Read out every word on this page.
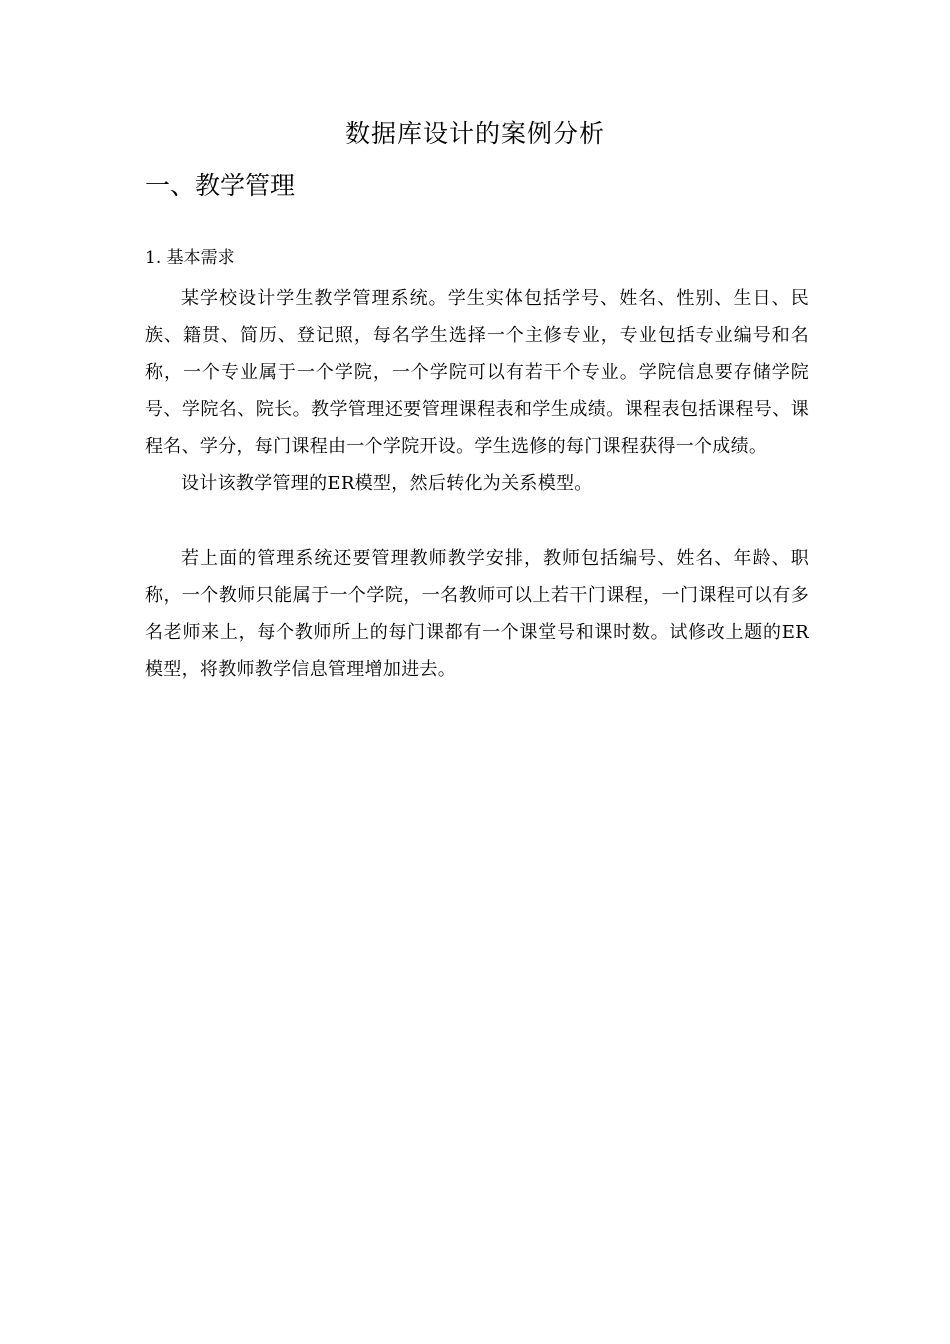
数据库设计的案例分析
一、教学管理
1. 基本需求

某学校设计学生教学管理系统。学生实体包括学号、姓名、性别、生日、民族、籍贯、简历、登记照，每名学生选择一个主修专业，专业包括专业编号和名称，一个专业属于一个学院，一个学院可以有若干个专业。学院信息要存储学院号、学院名、院长。教学管理还要管理课程表和学生成绩。课程表包括课程号、课程名、学分，每门课程由一个学院开设。学生选修的每门课程获得一个成绩。

设计该教学管理的ER模型，然后转化为关系模型。

若上面的管理系统还要管理教师教学安排，教师包括编号、姓名、年龄、职称，一个教师只能属于一个学院，一名教师可以上若干门课程，一门课程可以有多名老师来上，每个教师所上的每门课都有一个课堂号和课时数。试修改上题的ER模型，将教师教学信息管理增加进去。
